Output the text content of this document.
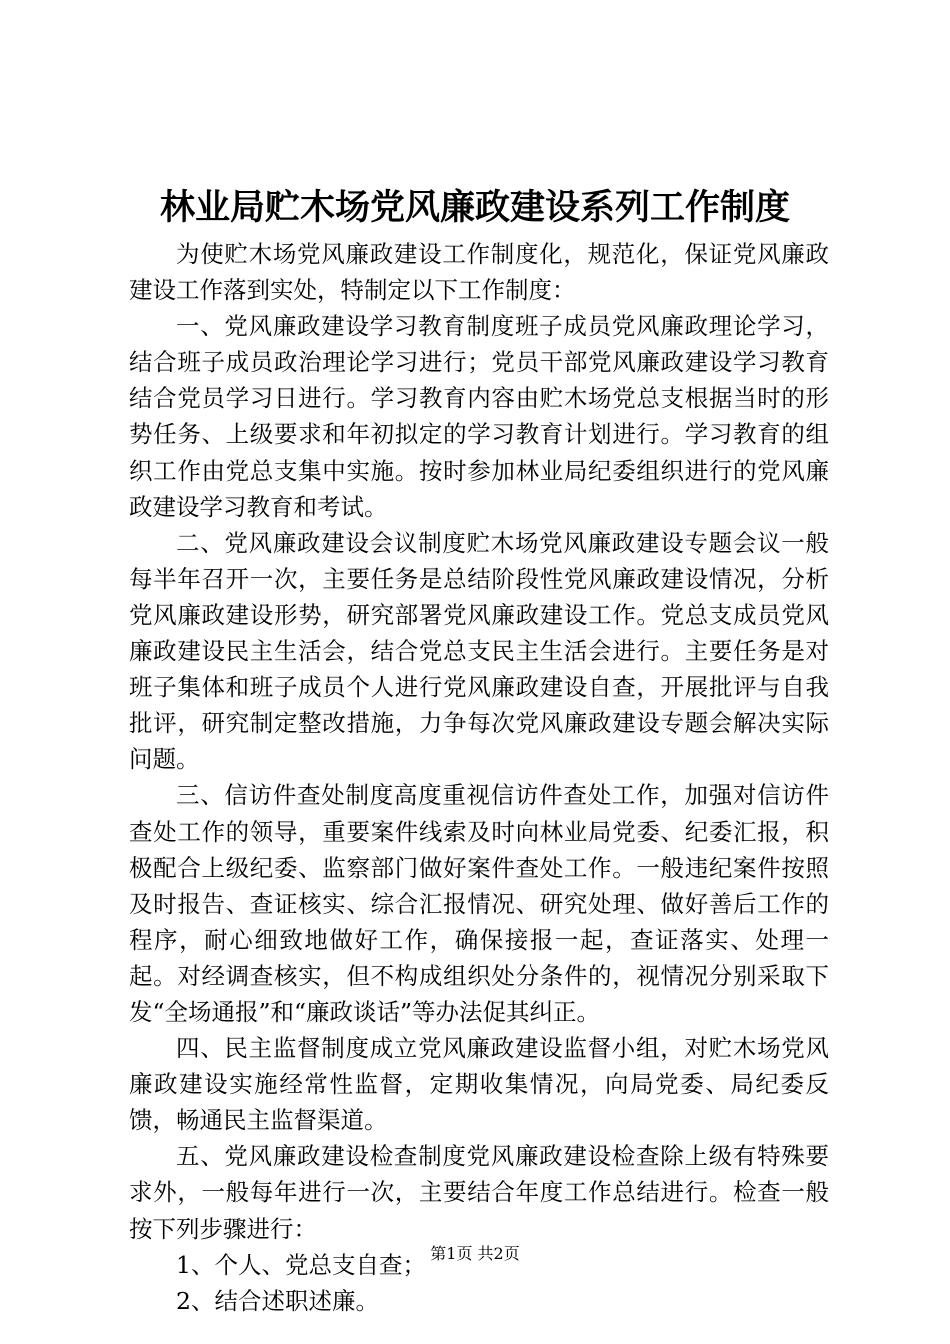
林业局贮木场党风廉政建设系列工作制度

为使贮木场党风廉政建设工作制度化，规范化，保证党风廉政建设工作落到实处，特制定以下工作制度：

一、党风廉政建设学习教育制度班子成员党风廉政理论学习，结合班子成员政治理论学习进行；党员干部党风廉政建设学习教育结合党员学习日进行。学习教育内容由贮木场党总支根据当时的形势任务、上级要求和年初拟定的学习教育计划进行。学习教育的组织工作由党总支集中实施。按时参加林业局纪委组织进行的党风廉政建设学习教育和考试。

二、党风廉政建设会议制度贮木场党风廉政建设专题会议一般每半年召开一次，主要任务是总结阶段性党风廉政建设情况，分析党风廉政建设形势，研究部署党风廉政建设工作。党总支成员党风廉政建设民主生活会，结合党总支民主生活会进行。主要任务是对班子集体和班子成员个人进行党风廉政建设自查，开展批评与自我批评，研究制定整改措施，力争每次党风廉政建设专题会解决实际问题。

三、信访件查处制度高度重视信访件查处工作，加强对信访件查处工作的领导，重要案件线索及时向林业局党委、纪委汇报，积极配合上级纪委、监察部门做好案件查处工作。一般违纪案件按照及时报告、查证核实、综合汇报情况、研究处理、做好善后工作的程序，耐心细致地做好工作，确保接报一起，查证落实、处理一起。对经调查核实，但不构成组织处分条件的，视情况分别采取下发“全场通报”和“廉政谈话”等办法促其纠正。

四、民主监督制度成立党风廉政建设监督小组，对贮木场党风廉政建设实施经常性监督，定期收集情况，向局党委、局纪委反馈，畅通民主监督渠道。

五、党风廉政建设检查制度党风廉政建设检查除上级有特殊要求外，一般每年进行一次，主要结合年度工作总结进行。检查一般按下列步骤进行：

1、个人、党总支自查；

2、结合述职述廉。

第1页 共2页
